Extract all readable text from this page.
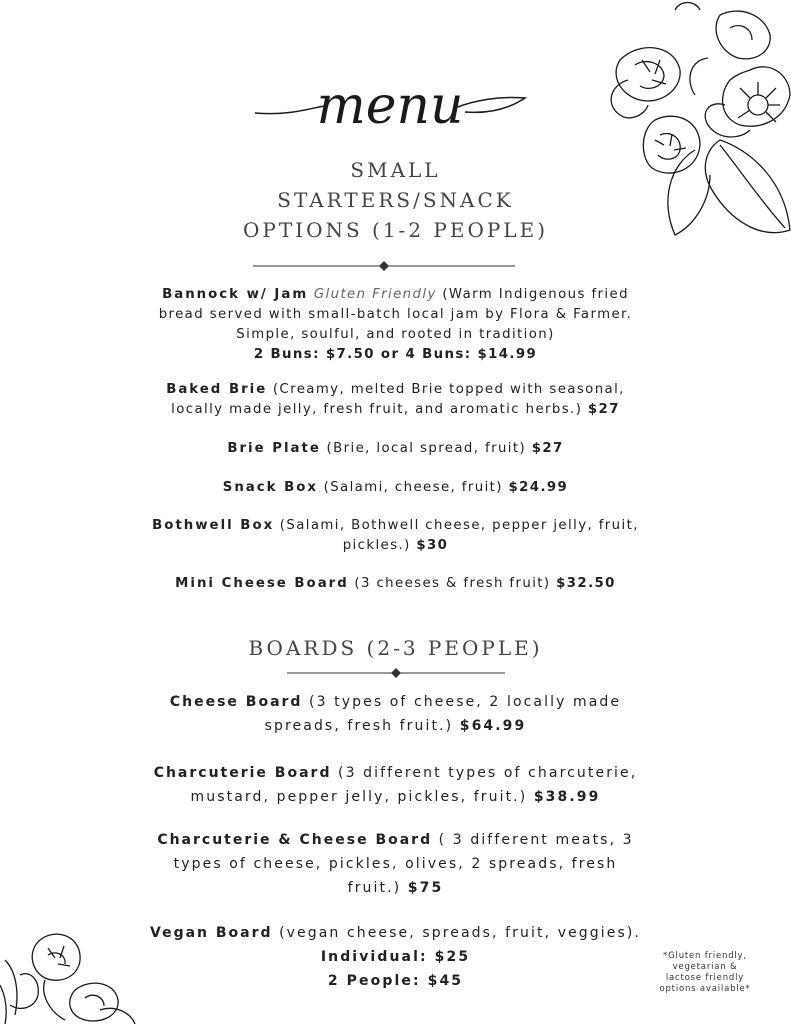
menu
SMALL
STARTERS/SNACK
OPTIONS (1-2 PEOPLE)
Bannock w/ Jam Gluten Friendly (Warm Indigenous fried
bread served with small-batch local jam by Flora & Farmer.
Simple, soulful, and rooted in tradition)
2 Buns: $7.50 or 4 Buns: $14.99
Baked Brie (Creamy, melted Brie topped with seasonal,
locally made jelly, fresh fruit, and aromatic herbs.) $27
Brie Plate (Brie, local spread, fruit) $27
Snack Box (Salami, cheese, fruit) $24.99
Bothwell Box (Salami, Bothwell cheese, pepper jelly, fruit,
pickles.) $30
Mini Cheese Board (3 cheeses & fresh fruit) $32.50
BOARDS (2-3 PEOPLE)
Cheese Board (3 types of cheese, 2 locally made
spreads, fresh fruit.) $64.99
Charcuterie Board (3 different types of charcuterie,
mustard, pepper jelly, pickles, fruit.) $38.99
Charcuterie & Cheese Board ( 3 different meats, 3
types of cheese, pickles, olives, 2 spreads, fresh
fruit.) $75
Vegan Board (vegan cheese, spreads, fruit, veggies).
Individual: $25
2 People: $45
*Gluten friendly,
vegetarian &
lactose friendly
options available*
